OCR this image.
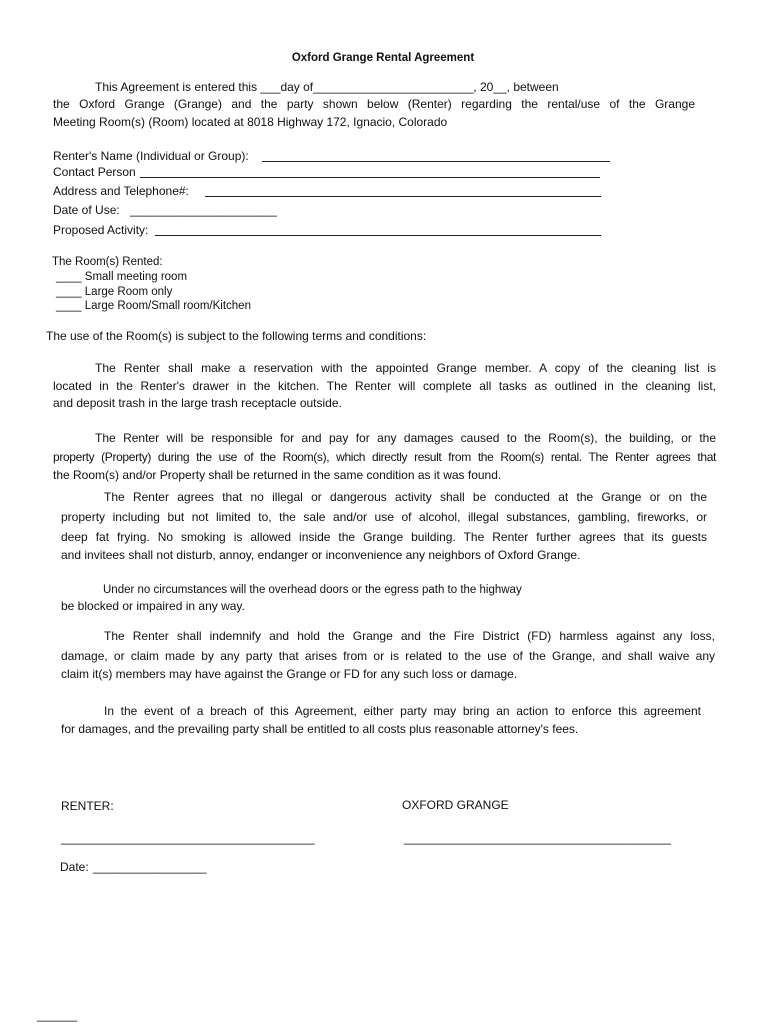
Oxford Grange Rental Agreement
This Agreement is entered this ___day of________________________, 20__, between
the Oxford Grange (Grange) and the party shown below (Renter) regarding the rental/use of the Grange
Meeting Room(s) (Room) located at 8018 Highway 172, Ignacio, Colorado
Renter's Name (Individual or Group):
Contact Person
Address and Telephone#:
Date of Use: ______________________
Proposed Activity:
The Room(s) Rented:
____ Small meeting room
____ Large Room only
____ Large Room/Small room/Kitchen
The use of the Room(s) is subject to the following terms and conditions:
The Renter shall make a reservation with the appointed Grange member. A copy of the cleaning list is
located in the Renter's drawer in the kitchen. The Renter will complete all tasks as outlined in the cleaning list,
and deposit trash in the large trash receptacle outside.
The Renter will be responsible for and pay for any damages caused to the Room(s), the building, or the
property (Property) during the use of the Room(s), which directly result from the Room(s) rental. The Renter agrees that
the Room(s) and/or Property shall be returned in the same condition as it was found.
The Renter agrees that no illegal or dangerous activity shall be conducted at the Grange or on the
property including but not limited to, the sale and/or use of alcohol, illegal substances, gambling, fireworks, or
deep fat frying. No smoking is allowed inside the Grange building. The Renter further agrees that its guests
and invitees shall not disturb, annoy, endanger or inconvenience any neighbors of Oxford Grange.
Under no circumstances will the overhead doors or the egress path to the highway
be blocked or impaired in any way.
The Renter shall indemnify and hold the Grange and the Fire District (FD) harmless against any loss,
damage, or claim made by any party that arises from or is related to the use of the Grange, and shall waive any
claim it(s) members may have against the Grange or FD for any such loss or damage.
In the event of a breach of this Agreement, either party may bring an action to enforce this agreement
for damages, and the prevailing party shall be entitled to all costs plus reasonable attorney's fees.
RENTER:	OXFORD GRANGE
______________________________________	________________________________________
Date: _________________
______
